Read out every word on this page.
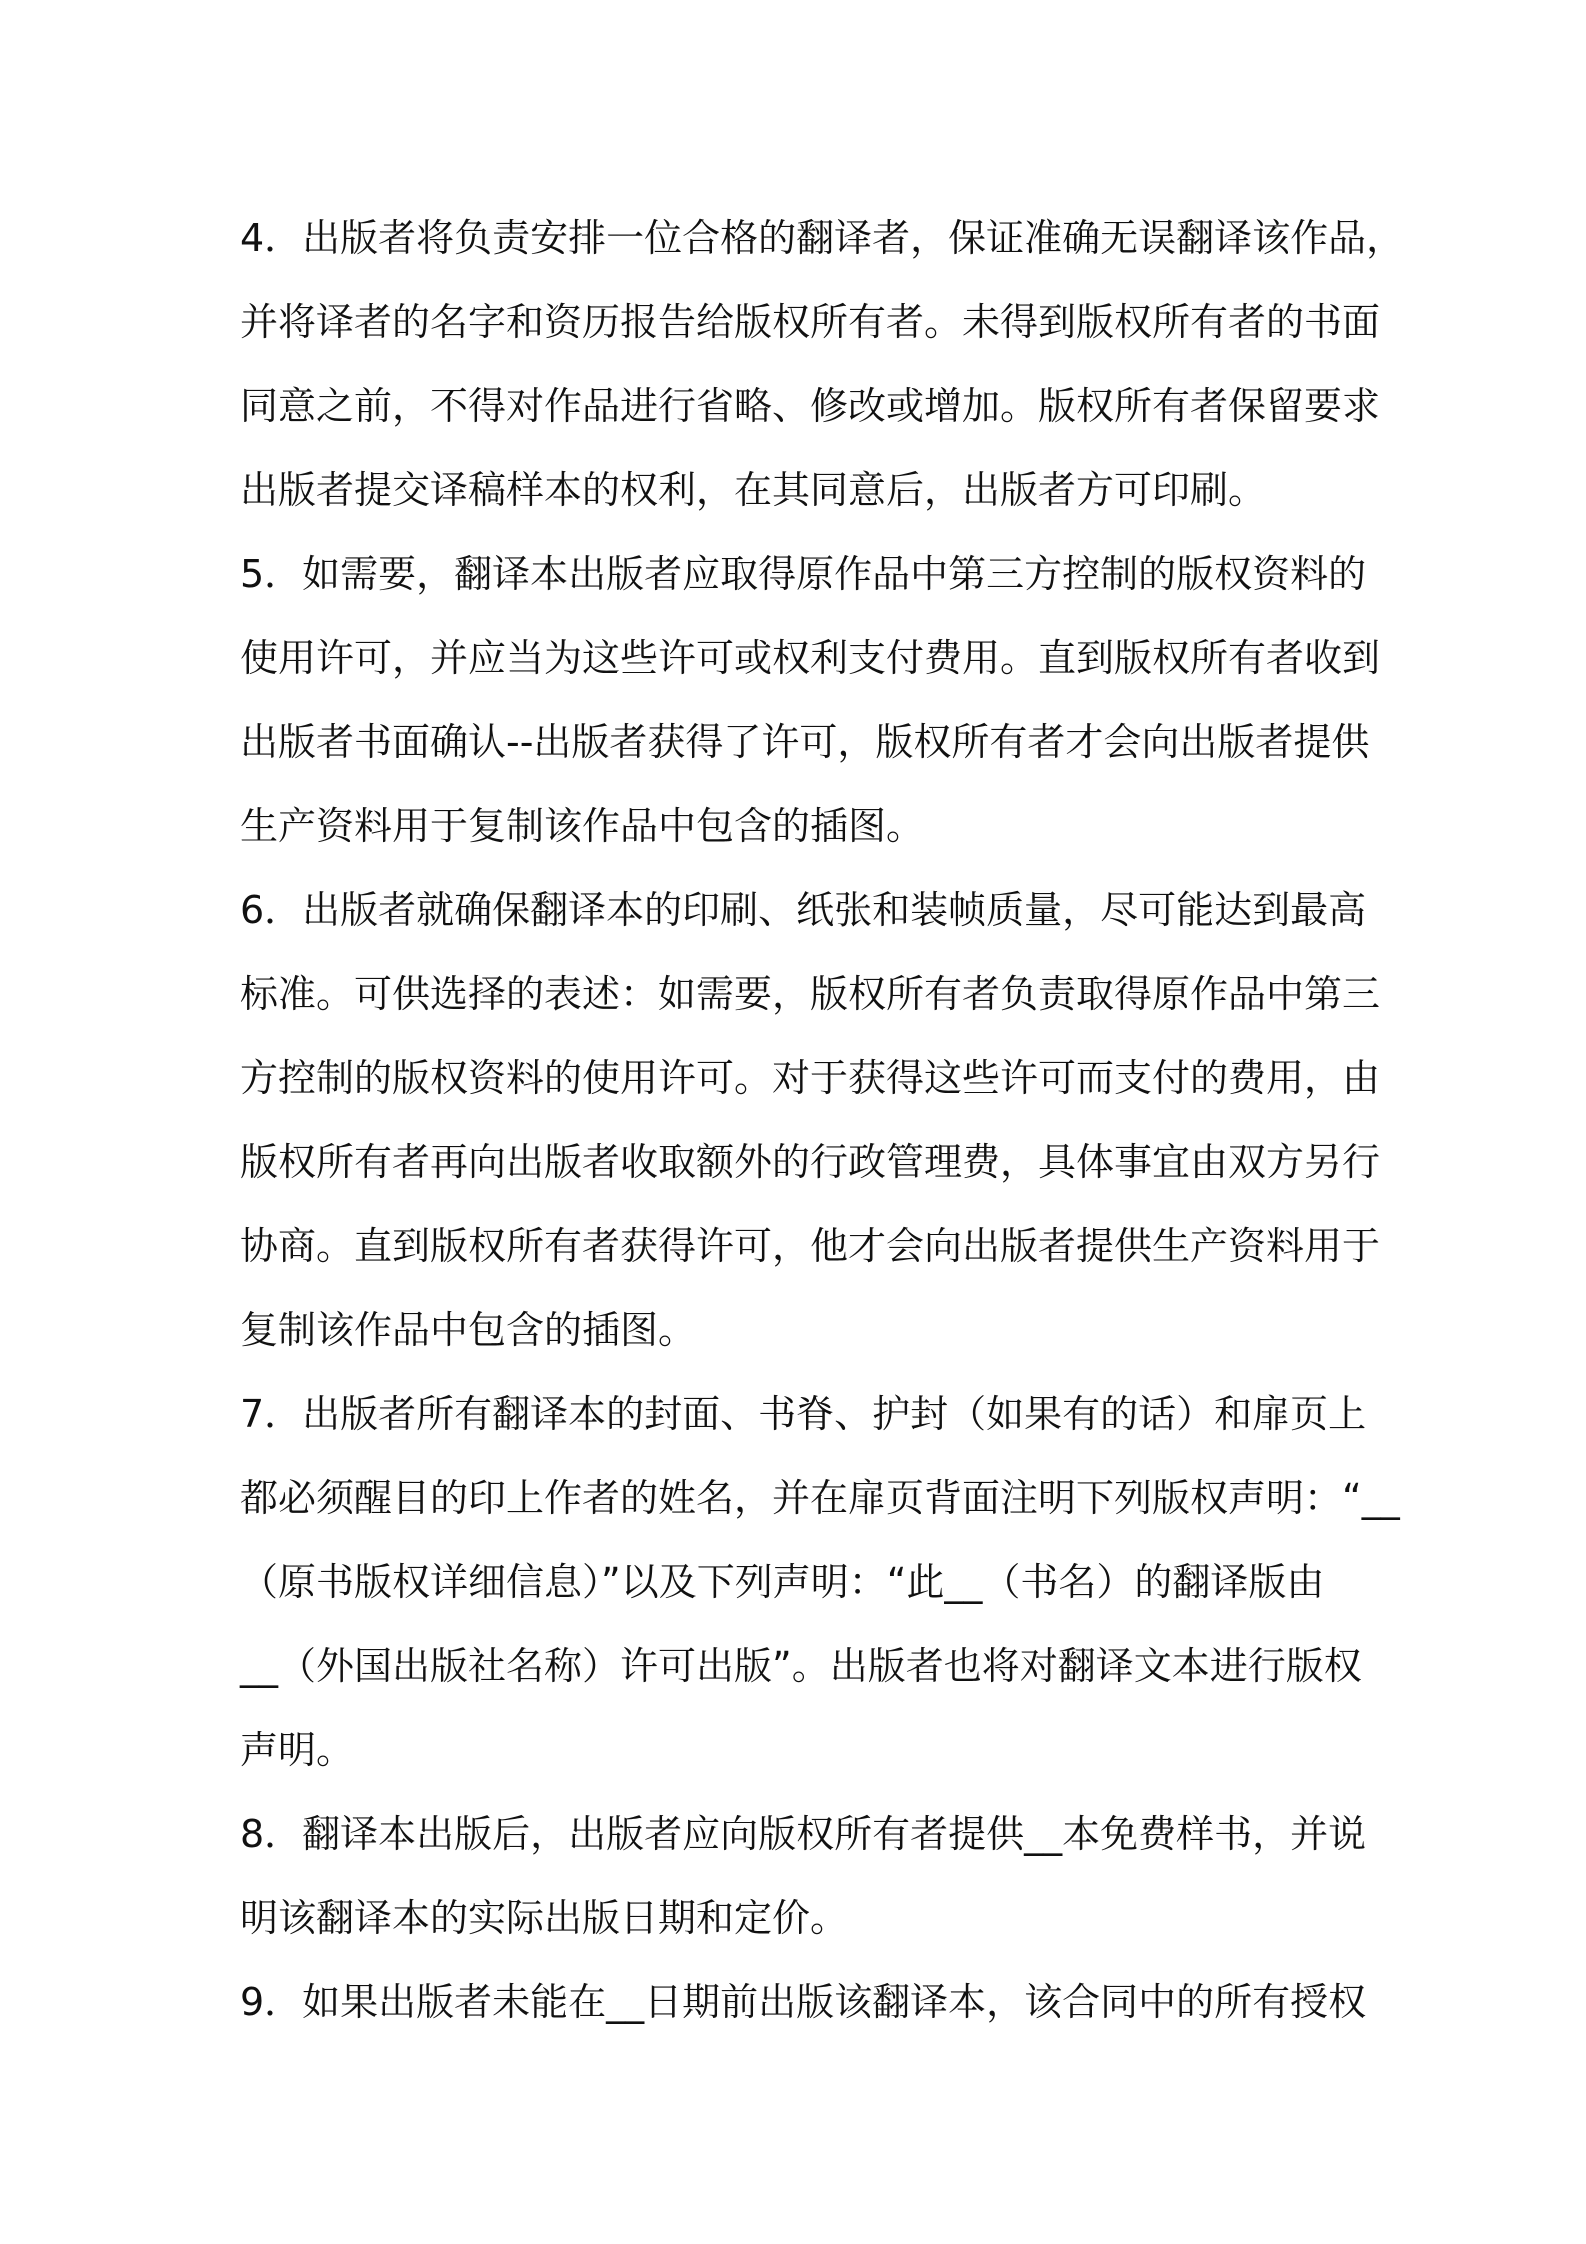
4．出版者将负责安排一位合格的翻译者，保证准确无误翻译该作品，
并将译者的名字和资历报告给版权所有者。未得到版权所有者的书面
同意之前，不得对作品进行省略、修改或增加。版权所有者保留要求
出版者提交译稿样本的权利，在其同意后，出版者方可印刷。
5．如需要，翻译本出版者应取得原作品中第三方控制的版权资料的
使用许可，并应当为这些许可或权利支付费用。直到版权所有者收到
出版者书面确认--出版者获得了许可，版权所有者才会向出版者提供
生产资料用于复制该作品中包含的插图。
6．出版者就确保翻译本的印刷、纸张和装帧质量，尽可能达到最高
标准。可供选择的表述：如需要，版权所有者负责取得原作品中第三
方控制的版权资料的使用许可。对于获得这些许可而支付的费用，由
版权所有者再向出版者收取额外的行政管理费，具体事宜由双方另行
协商。直到版权所有者获得许可，他才会向出版者提供生产资料用于
复制该作品中包含的插图。
7．出版者所有翻译本的封面、书脊、护封（如果有的话）和扉页上
都必须醒目的印上作者的姓名，并在扉页背面注明下列版权声明：“__
（原书版权详细信息）”以及下列声明：“此__（书名）的翻译版由
__（外国出版社名称）许可出版”。出版者也将对翻译文本进行版权
声明。
8．翻译本出版后，出版者应向版权所有者提供__本免费样书，并说
明该翻译本的实际出版日期和定价。
9．如果出版者未能在__日期前出版该翻译本，该合同中的所有授权
